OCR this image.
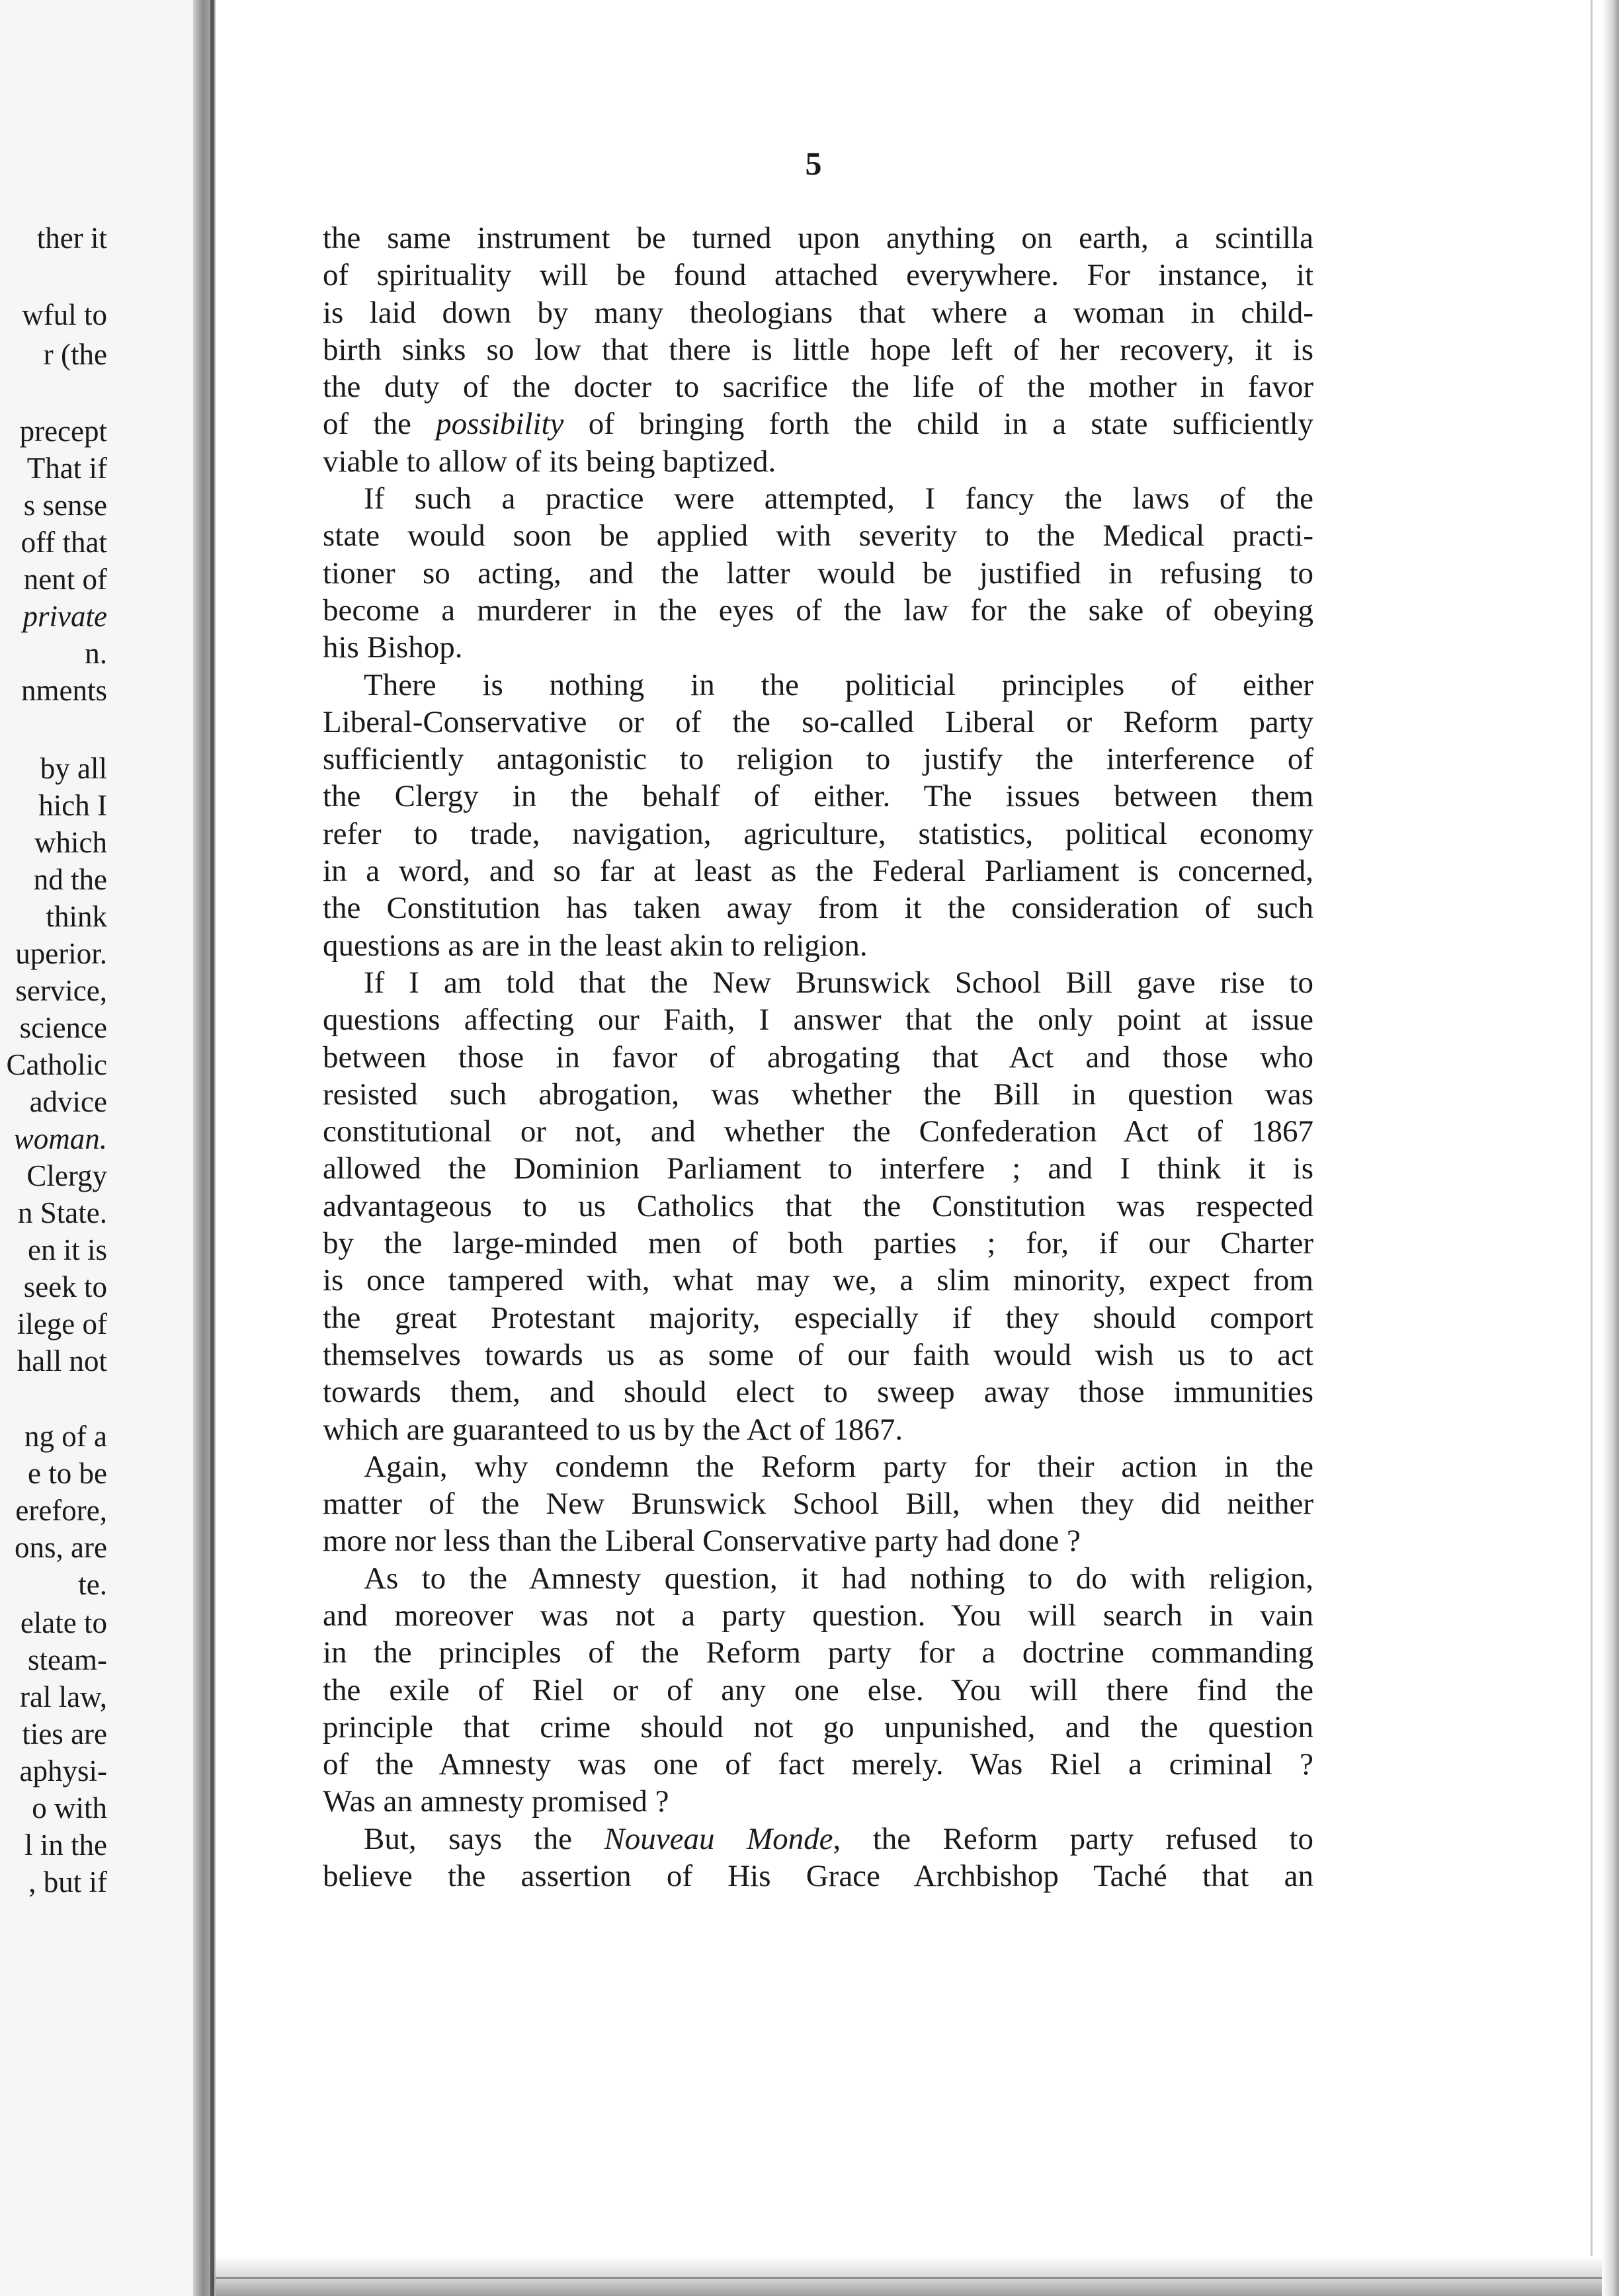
ther it
wful to
r (the
precept
That if
s sense
off that
nent of
private
n.
nments
by all
hich I
which
nd the
think
uperior.
service,
science
Catholic
advice
woman.
Clergy
n State.
en it is
seek to
ilege of
hall not
ng of a
e to be
erefore,
ons, are
te.
elate to
steam-
ral law,
ties are
aphysi-
o with
l in the
, but if
5
the same instrument be turned upon anything on earth, a scintilla
of spirituality will be found attached everywhere. For instance, it
is laid down by many theologians that where a woman in child-
birth sinks so low that there is little hope left of her recovery, it is
the duty of the docter to sacrifice the life of the mother in favor
of the possibility of bringing forth the child in a state sufficiently
viable to allow of its being baptized.
If such a practice were attempted, I fancy the laws of the
state would soon be applied with severity to the Medical practi-
tioner so acting, and the latter would be justified in refusing to
become a murderer in the eyes of the law for the sake of obeying
his Bishop.
There is nothing in the politicial principles of either
Liberal-Conservative or of the so-called Liberal or Reform party
sufficiently antagonistic to religion to justify the interference of
the Clergy in the behalf of either. The issues between them
refer to trade, navigation, agriculture, statistics, political economy
in a word, and so far at least as the Federal Parliament is concerned,
the Constitution has taken away from it the consideration of such
questions as are in the least akin to religion.
If I am told that the New Brunswick School Bill gave rise to
questions affecting our Faith, I answer that the only point at issue
between those in favor of abrogating that Act and those who
resisted such abrogation, was whether the Bill in question was
constitutional or not, and whether the Confederation Act of 1867
allowed the Dominion Parliament to interfere ; and I think it is
advantageous to us Catholics that the Constitution was respected
by the large-minded men of both parties ; for, if our Charter
is once tampered with, what may we, a slim minority, expect from
the great Protestant majority, especially if they should comport
themselves towards us as some of our faith would wish us to act
towards them, and should elect to sweep away those immunities
which are guaranteed to us by the Act of 1867.
Again, why condemn the Reform party for their action in the
matter of the New Brunswick School Bill, when they did neither
more nor less than the Liberal Conservative party had done ?
As to the Amnesty question, it had nothing to do with religion,
and moreover was not a party question. You will search in vain
in the principles of the Reform party for a doctrine commanding
the exile of Riel or of any one else. You will there find the
principle that crime should not go unpunished, and the question
of the Amnesty was one of fact merely. Was Riel a criminal ?
Was an amnesty promised ?
But, says the Nouveau Monde, the Reform party refused to
believe the assertion of His Grace Archbishop Taché that an
